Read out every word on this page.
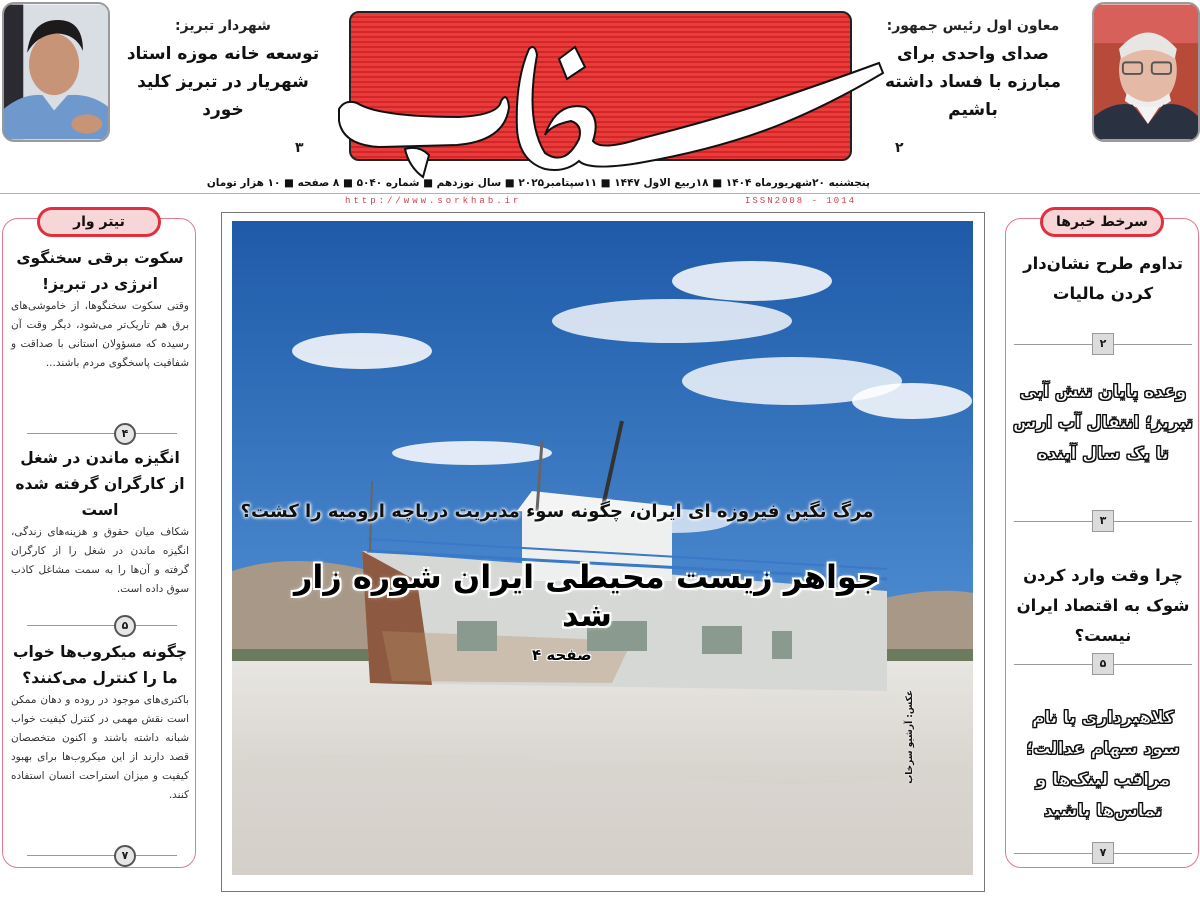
معاون اول رئیس جمهور:
صدای واحدی برای مبارزه با فساد داشته باشیم
۲
شهردار تبریز:
توسعه خانه موزه استاد شهریار در تبریز کلید خورد
۳
پنجشنبه ۲۰شهریورماه ۱۴۰۴ ■ ۱۸ربیع الاول ۱۴۴۷ ■ ۱۱سپتامبر۲۰۲۵ ■ سال نوزدهم ■ شماره ۵۰۴۰ ■ ۸ صفحه ■ ۱۰ هزار تومان
http://www.sorkhab.ir	ISSN2008 - 1014
تیتر وار
سکوت برقی سخنگوی انرژی در تبریز!

وقتی سکوت سخنگوها، از خاموشی‌های برق هم تاریک‌تر می‌شود، دیگر وقت آن رسیده که مسؤولان استانی با صداقت و شفافیت پاسخگوی مردم باشند...

۴
انگیزه ماندن در شغل از کارگران گرفته شده است

شکاف میان حقوق و هزینه‌های زندگی، انگیزه ماندن در شغل را از کارگران گرفته و آن‌ها را به سمت مشاغل کاذب سوق داده است.

۵
چگونه میکروب‌ها خواب ما را کنترل می‌کنند؟

باکتری‌های موجود در روده و دهان ممکن است نقش مهمی در کنترل کیفیت خواب شبانه داشته باشند و اکنون متخصصان قصد دارند از این میکروب‌ها برای بهبود کیفیت و میزان استراحت انسان استفاده کنند.

۷
مرگ نگین فیروزه ای ایران، چگونه سوء مدیریت دریاچه ارومیه را کشت؟
جواهر زیست محیطی ایران شوره زار شد
صفحه ۴
عکس: آرشیو سرخاب
سرخط خبرها
تداوم طرح نشان‌دار کردن مالیات
۲
وعده پایان تنش آبی تبریز؛ انتقال آب ارس تا یک سال آینده
۳
چرا وقت وارد کردن شوک به اقتصاد ایران نیست؟
۵
کلاهبرداری با نام سود سهام عدالت؛ مراقب لینک‌ها و تماس‌ها باشید
۷
